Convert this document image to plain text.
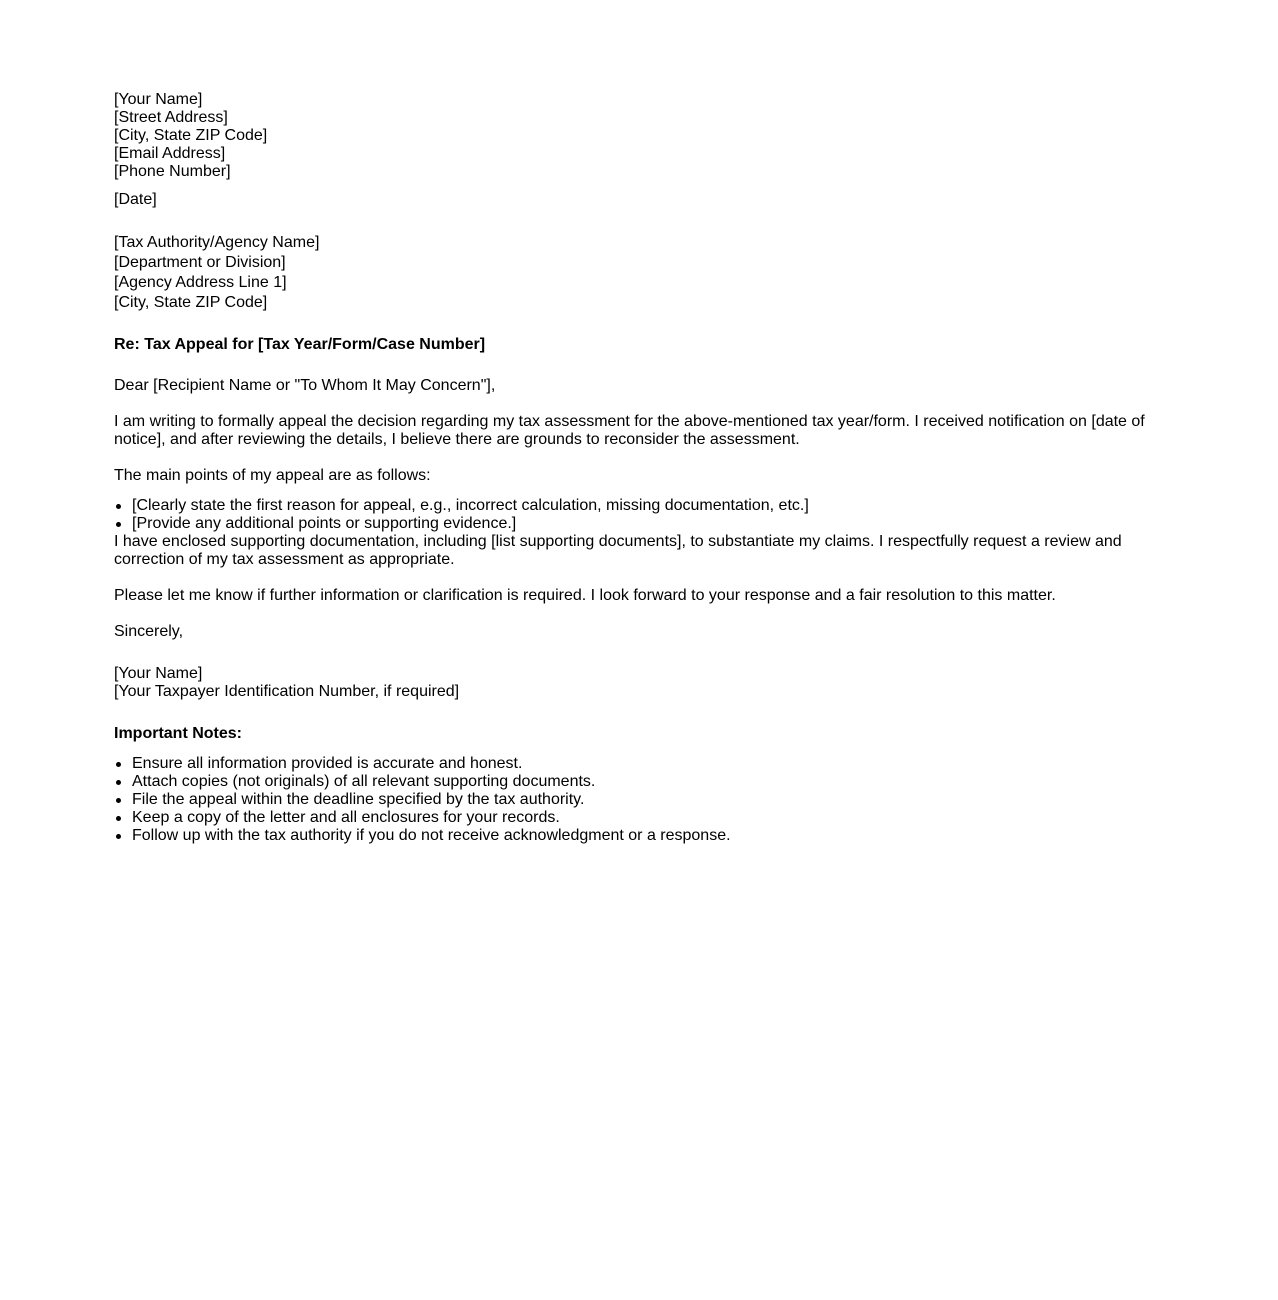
[Your Name]
[Street Address]
[City, State ZIP Code]
[Email Address]
[Phone Number]
[Date]
[Tax Authority/Agency Name]
[Department or Division]
[Agency Address Line 1]
[City, State ZIP Code]
Re: Tax Appeal for [Tax Year/Form/Case Number]
Dear [Recipient Name or "To Whom It May Concern"],
I am writing to formally appeal the decision regarding my tax assessment for the above-mentioned tax year/form. I received notification on [date of notice], and after reviewing the details, I believe there are grounds to reconsider the assessment.
The main points of my appeal are as follows:
[Clearly state the first reason for appeal, e.g., incorrect calculation, missing documentation, etc.]
[Provide any additional points or supporting evidence.]
I have enclosed supporting documentation, including [list supporting documents], to substantiate my claims. I respectfully request a review and correction of my tax assessment as appropriate.
Please let me know if further information or clarification is required. I look forward to your response and a fair resolution to this matter.
Sincerely,
[Your Name]
[Your Taxpayer Identification Number, if required]
Important Notes:
Ensure all information provided is accurate and honest.
Attach copies (not originals) of all relevant supporting documents.
File the appeal within the deadline specified by the tax authority.
Keep a copy of the letter and all enclosures for your records.
Follow up with the tax authority if you do not receive acknowledgment or a response.
